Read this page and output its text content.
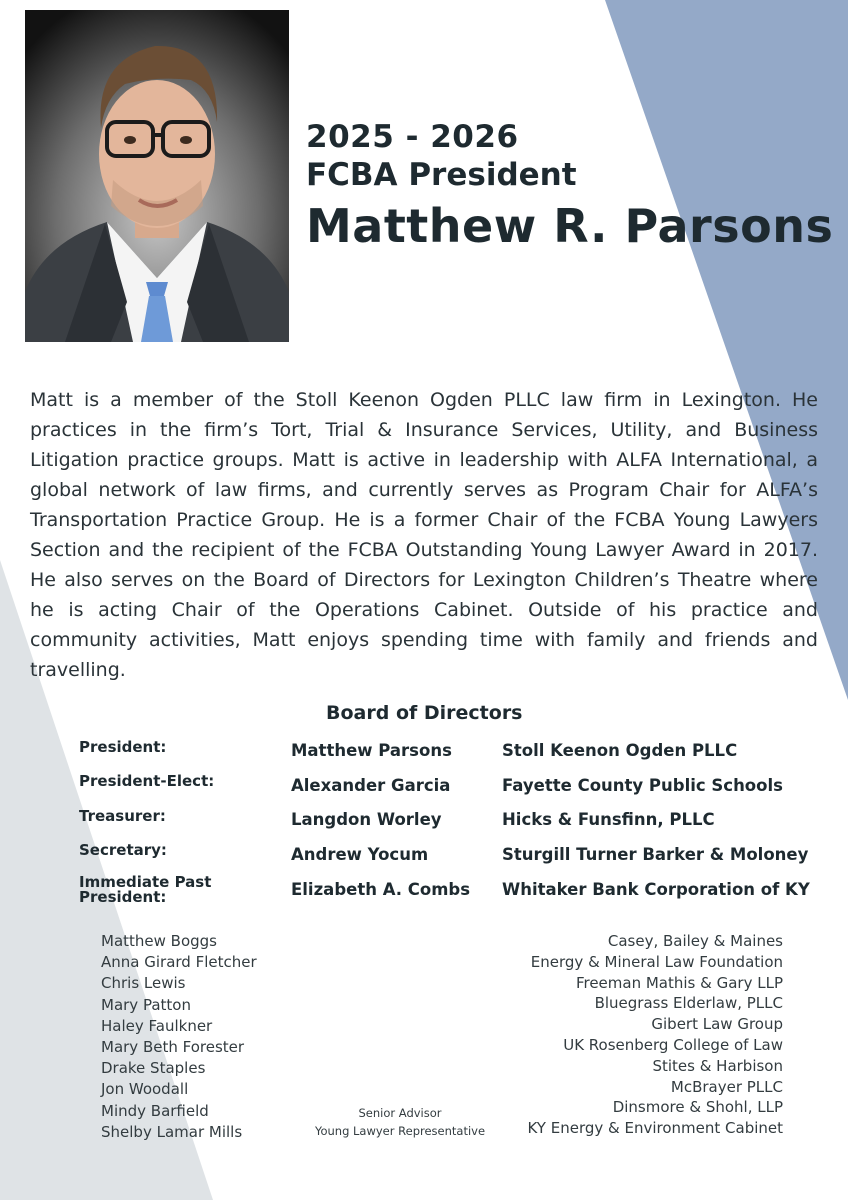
2025 - 2026
FCBA President
Matthew R. Parsons

Matt is a member of the Stoll Keenon Ogden PLLC law firm in Lexington. He practices in the firm’s Tort, Trial & Insurance Services, Utility, and Business Litigation practice groups. Matt is active in leadership with ALFA International, a global network of law firms, and currently serves as Program Chair for ALFA’s Transportation Practice Group. He is a former Chair of the FCBA Young Lawyers Section and the recipient of the FCBA Outstanding Young Lawyer Award in 2017. He also serves on the Board of Directors for Lexington Children’s Theatre where he is acting Chair of the Operations Cabinet. Outside of his practice and community activities, Matt enjoys spending time with family and friends and travelling.

Board of Directors
President:
President-Elect:
Treasurer:
Secretary:
Immediate Past
President:
Matthew Parsons
Alexander Garcia
Langdon Worley
Andrew Yocum
Elizabeth A. Combs
Stoll Keenon Ogden PLLC
Fayette County Public Schools
Hicks & Funsfinn, PLLC
Sturgill Turner Barker & Moloney
Whitaker Bank Corporation of KY
Matthew Boggs
Anna Girard Fletcher
Chris Lewis
Mary Patton
Haley Faulkner
Mary Beth Forester
Drake Staples
Jon Woodall
Mindy Barfield
Shelby Lamar Mills
Senior Advisor
Young Lawyer Representative
Casey, Bailey & Maines
Energy & Mineral Law Foundation
Freeman Mathis & Gary LLP
Bluegrass Elderlaw, PLLC
Gibert Law Group
UK Rosenberg College of Law
Stites & Harbison
McBrayer PLLC
Dinsmore & Shohl, LLP
KY Energy & Environment Cabinet
